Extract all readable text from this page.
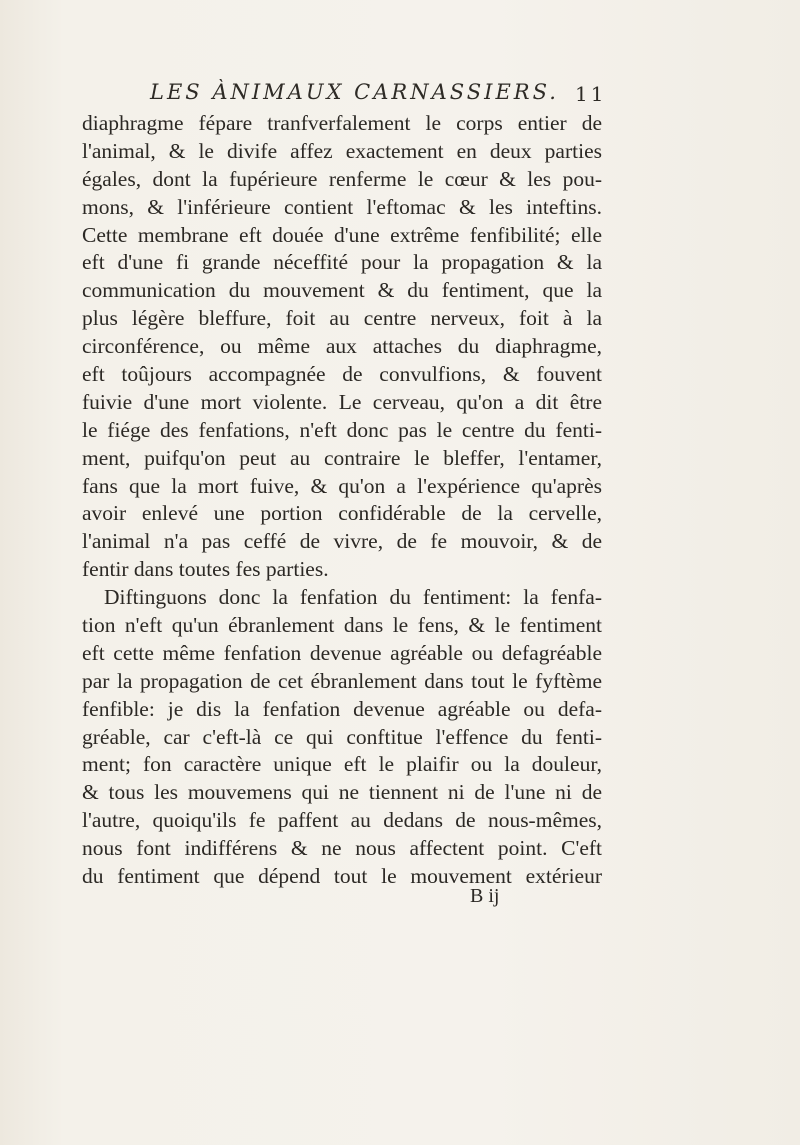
LES ÀNIMAUX CARNASSIERS. 11
diaphragme fépare tranfverfalement le corps entier de
l'animal, & le divife affez exactement en deux parties
égales, dont la fupérieure renferme le cœur & les pou-
mons, & l'inférieure contient l'eftomac & les inteftins.
Cette membrane eft douée d'une extrême fenfibilité; elle
eft d'une fi grande néceffité pour la propagation & la
communication du mouvement & du fentiment, que la
plus légère bleffure, foit au centre nerveux, foit à la
circonférence, ou même aux attaches du diaphragme,
eft toûjours accompagnée de convulfions, & fouvent
fuivie d'une mort violente. Le cerveau, qu'on a dit être
le fiége des fenfations, n'eft donc pas le centre du fenti-
ment, puifqu'on peut au contraire le bleffer, l'entamer,
fans que la mort fuive, & qu'on a l'expérience qu'après
avoir enlevé une portion confidérable de la cervelle,
l'animal n'a pas ceffé de vivre, de fe mouvoir, & de
fentir dans toutes fes parties.
Diftinguons donc la fenfation du fentiment: la fenfa-
tion n'eft qu'un ébranlement dans le fens, & le fentiment
eft cette même fenfation devenue agréable ou defagréable
par la propagation de cet ébranlement dans tout le fyftème
fenfible: je dis la fenfation devenue agréable ou defa-
gréable, car c'eft-là ce qui conftitue l'effence du fenti-
ment; fon caractère unique eft le plaifir ou la douleur,
& tous les mouvemens qui ne tiennent ni de l'une ni de
l'autre, quoiqu'ils fe paffent au dedans de nous-mêmes,
nous font indifférens & ne nous affectent point. C'eft
du fentiment que dépend tout le mouvement extérieur
B ij
